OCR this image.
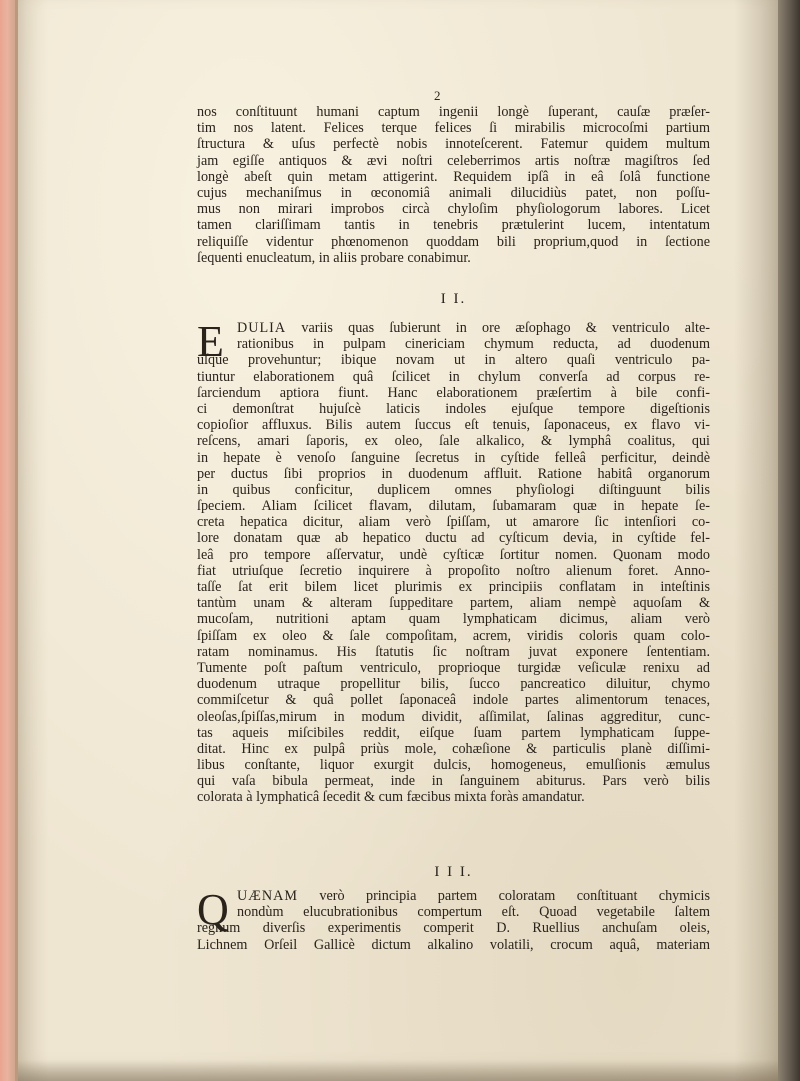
2
nos conſtituunt humani captum ingenii longè ſuperant, cauſæ præſer-
tim nos latent. Felices terque felices ſi mirabilis microcoſmi partium
ſtructura & uſus perfectè nobis innoteſcerent. Fatemur quidem multum
jam egiſſe antiquos & ævi noſtri celeberrimos artis noſtræ magiſtros ſed
longè abeſt quin metam attigerint. Requidem ipſâ in eâ ſolâ functione
cujus mechaniſmus in œconomiâ animali dilucidiùs patet, non poſſu-
mus non mirari improbos circà chyloſim phyſiologorum labores. Licet
tamen clariſſimam tantis in tenebris prætulerint lucem, intentatum
reliquiſſe videntur phœnomenon quoddam bili proprium,quod in ſectione
ſequenti enucleatum, in aliis probare conabimur.
I I.
E DULIA variis quas ſubierunt in ore æſophago & ventriculo alte-
rationibus in pulpam cinericiam chymum reducta, ad duodenum
uſque provehuntur; ibique novam ut in altero quaſi ventriculo pa-
tiuntur elaborationem quâ ſcilicet in chylum converſa ad corpus re-
ſarciendum aptiora fiunt. Hanc elaborationem præſertim à bile confi-
ci demonſtrat hujuſcè laticis indoles ejuſque tempore digeſtionis
copioſior affluxus. Bilis autem ſuccus eſt tenuis, ſaponaceus, ex flavo vi-
reſcens, amari ſaporis, ex oleo, ſale alkalico, & lymphâ coalitus, qui
in hepate è venoſo ſanguine ſecretus in cyſtide felleâ perficitur, deindè
per ductus ſibi proprios in duodenum affluit. Ratione habitâ organorum
in quibus conficitur, duplicem omnes phyſiologi diſtinguunt bilis
ſpeciem. Aliam ſcilicet flavam, dilutam, ſubamaram quæ in hepate ſe-
creta hepatica dicitur, aliam verò ſpiſſam, ut amarore ſic intenſiori co-
lore donatam quæ ab hepatico ductu ad cyſticum devia, in cyſtide fel-
leâ pro tempore aſſervatur, undè cyſticæ ſortitur nomen. Quonam modo
fiat utriuſque ſecretio inquirere à propoſito noſtro alienum foret. Anno-
taſſe ſat erit bilem licet plurimis ex principiis conflatam in inteſtinis
tantùm unam & alteram ſuppeditare partem, aliam nempè aquoſam &
mucoſam, nutritioni aptam quam lymphaticam dicimus, aliam verò
ſpiſſam ex oleo & ſale compoſitam, acrem, viridis coloris quam colo-
ratam nominamus. His ſtatutis ſic noſtram juvat exponere ſententiam.
Tumente poſt paſtum ventriculo, proprioque turgidæ veſiculæ renixu ad
duodenum utraque propellitur bilis, ſucco pancreatico diluitur, chymo
commiſcetur & quâ pollet ſaponaceâ indole partes alimentorum tenaces,
oleoſas,ſpiſſas,mirum in modum dividit, aſſimilat, ſalinas aggreditur, cunc-
tas aqueis miſcibiles reddit, eiſque ſuam partem lymphaticam ſuppe-
ditat. Hinc ex pulpâ priùs mole, cohæſione & particulis planè diſſimi-
libus conſtante, liquor exurgit dulcis, homogeneus, emulſionis æmulus
qui vaſa bibula permeat, inde in ſanguinem abiturus. Pars verò bilis
colorata à lymphaticâ ſecedit & cum fæcibus mixta foràs amandatur.
I I I.
Q UÆNAM verò principia partem coloratam conſtituant chymicis
nondùm elucubrationibus compertum eſt. Quoad vegetabile ſaltem
regnum diverſis experimentis comperit D. Ruellius anchuſam oleis,
Lichnem Orſeil Gallicè dictum alkalino volatili, crocum aquâ, materiam
